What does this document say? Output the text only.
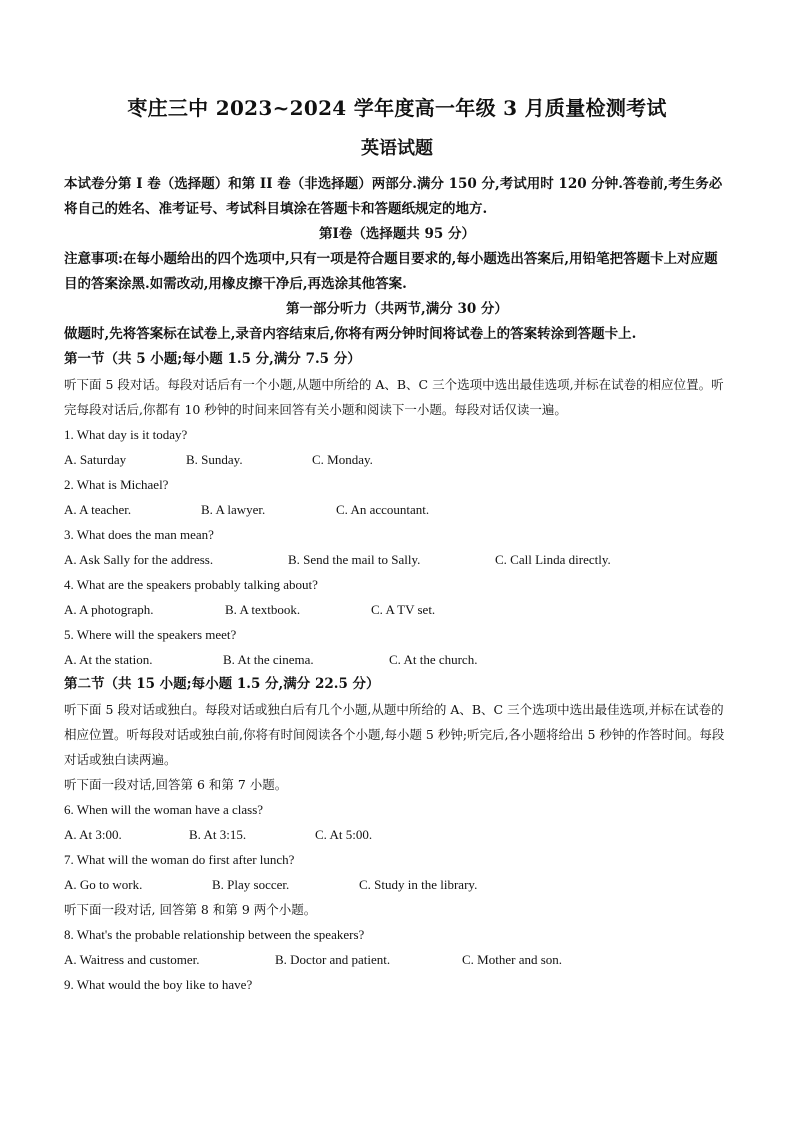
枣庄三中 2023~2024 学年度高一年级 3 月质量检测考试
英语试题

本试卷分第 I 卷（选择题）和第 II 卷（非选择题）两部分.满分 150 分,考试用时 120 分钟.答卷前,考生务必将自己的姓名、准考证号、考试科目填涂在答题卡和答题纸规定的地方.

第Ⅰ卷（选择题共 95 分）

注意事项:在每小题给出的四个选项中,只有一项是符合题目要求的,每小题选出答案后,用铅笔把答题卡上对应题目的答案涂黑.如需改动,用橡皮擦干净后,再选涂其他答案.

第一部分听力（共两节,满分 30 分）

做题时,先将答案标在试卷上,录音内容结束后,你将有两分钟时间将试卷上的答案转涂到答题卡上.

第一节（共 5 小题;每小题 1.5 分,满分 7.5 分）

听下面 5 段对话。每段对话后有一个小题,从题中所给的 A、B、C 三个选项中选出最佳选项,并标在试卷的相应位置。听完每段对话后,你都有 10 秒钟的时间来回答有关小题和阅读下一小题。每段对话仅读一遍。

1. What day is it today?

A. Saturday	B. Sunday.	C. Monday.

2. What is Michael?

A. A teacher.	B. A lawyer.	C. An accountant.

3. What does the man mean?

A. Ask Sally for the address.	B. Send the mail to Sally.	C. Call Linda directly.

4. What are the speakers probably talking about?

A. A photograph.	B. A textbook.	C. A TV set.

5. Where will the speakers meet?

A. At the station.	B. At the cinema.	C. At the church.

第二节（共 15 小题;每小题 1.5 分,满分 22.5 分）

听下面 5 段对话或独白。每段对话或独白后有几个小题,从题中所给的 A、B、C 三个选项中选出最佳选项,并标在试卷的相应位置。听每段对话或独白前,你将有时间阅读各个小题,每小题 5 秒钟;听完后,各小题将给出 5 秒钟的作答时间。每段对话或独白读两遍。

听下面一段对话,回答第 6 和第 7 小题。

6. When will the woman have a class?

A. At 3:00.	B. At 3:15.	C. At 5:00.

7. What will the woman do first after lunch?

A. Go to work.	B. Play soccer.	C. Study in the library.

听下面一段对话, 回答第 8 和第 9 两个小题。

8. What's the probable relationship between the speakers?

A. Waitress and customer.	B. Doctor and patient.	C. Mother and son.

9. What would the boy like to have?
